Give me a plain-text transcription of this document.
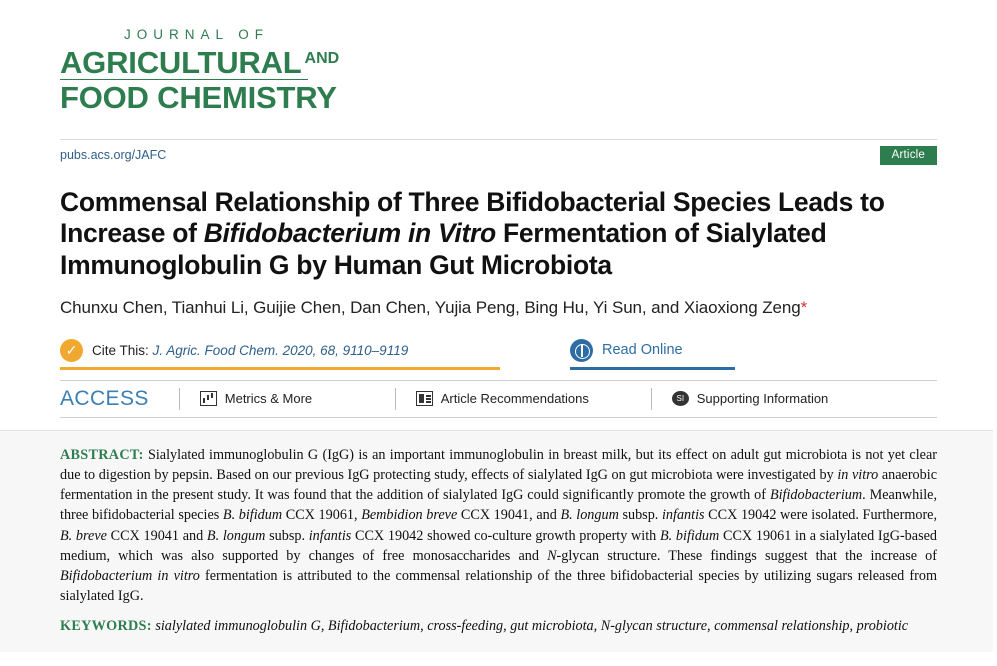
JOURNAL OF
AGRICULTURAL $^{AND}$
FOOD CHEMISTRY
pubs.acs.org/JAFC	Article
Commensal Relationship of Three Bifidobacterial Species Leads to Increase of Bifidobacterium in Vitro Fermentation of Sialylated Immunoglobulin G by Human Gut Microbiota
Chunxu Chen, Tianhui Li, Guijie Chen, Dan Chen, Yujia Peng, Bing Hu, Yi Sun, and Xiaoxiong Zeng*
✓	Cite This: J. Agric. Food Chem. 2020, 68, 9110–9119	Read Online
ACCESS	Metrics & More	Article Recommendations	SI Supporting Information
ABSTRACT: Sialylated immunoglobulin G (IgG) is an important immunoglobulin in breast milk, but its effect on adult gut microbiota is not yet clear due to digestion by pepsin. Based on our previous IgG protecting study, effects of sialylated IgG on gut microbiota were investigated by in vitro anaerobic fermentation in the present study. It was found that the addition of sialylated IgG could significantly promote the growth of Bifidobacterium. Meanwhile, three bifidobacterial species B. bifidum CCX 19061, Bembidion breve CCX 19041, and B. longum subsp. infantis CCX 19042 were isolated. Furthermore, B. breve CCX 19041 and B. longum subsp. infantis CCX 19042 showed co-culture growth property with B. bifidum CCX 19061 in a sialylated IgG-based medium, which was also supported by changes of free monosaccharides and N-glycan structure. These findings suggest that the increase of Bifidobacterium in vitro fermentation is attributed to the commensal relationship of the three bifidobacterial species by utilizing sugars released from sialylated IgG.
KEYWORDS: sialylated immunoglobulin G, Bifidobacterium, cross-feeding, gut microbiota, N-glycan structure, commensal relationship, probiotic
